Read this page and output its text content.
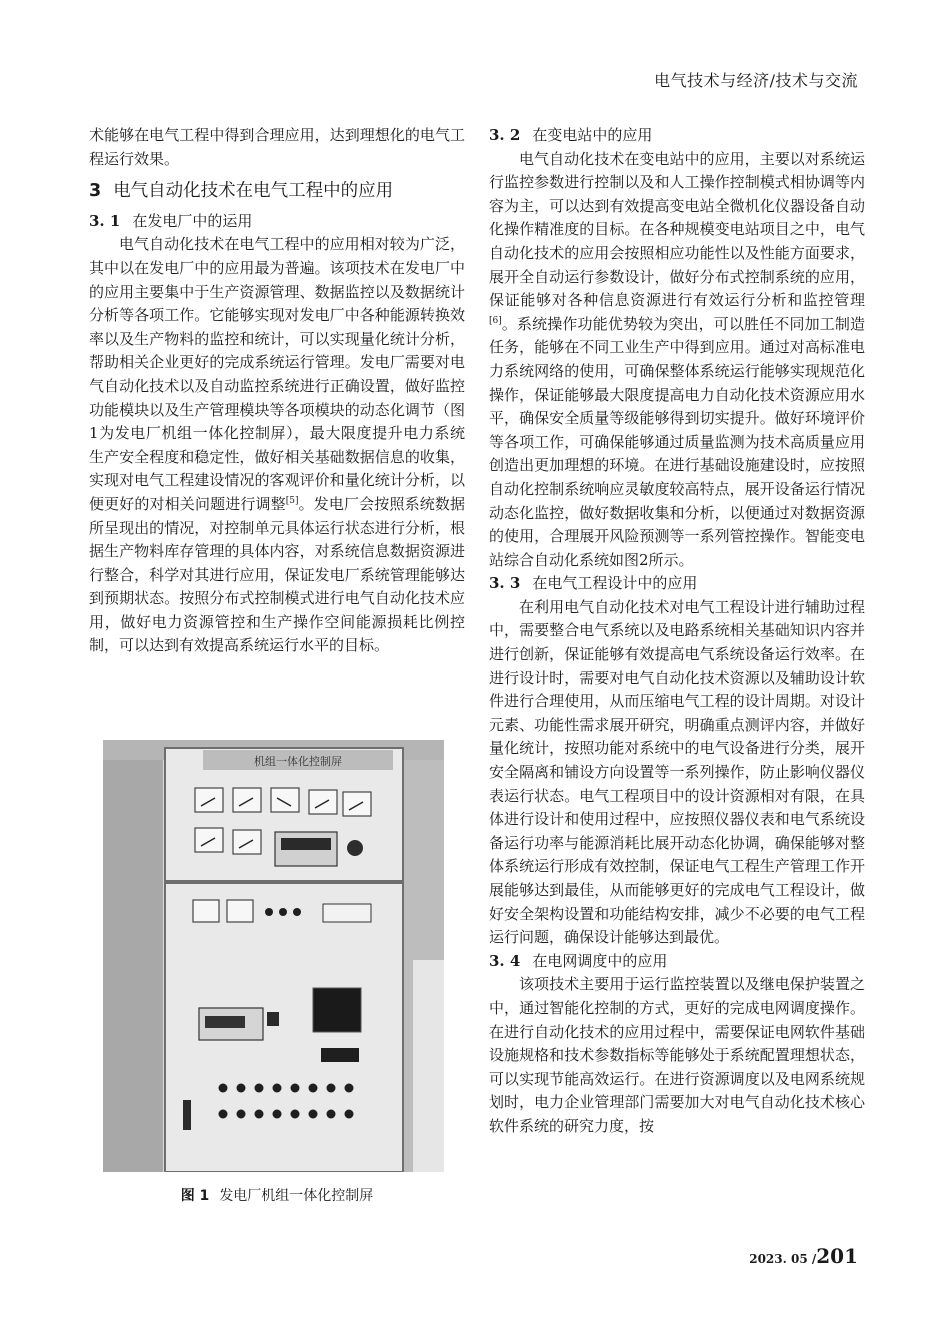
电气技术与经济/技术与交流

术能够在电气工程中得到合理应用，达到理想化的电气工程运行效果。

3 电气自动化技术在电气工程中的应用

3. 1 在发电厂中的运用

电气自动化技术在电气工程中的应用相对较为广泛，其中以在发电厂中的应用最为普遍。该项技术在发电厂中的应用主要集中于生产资源管理、数据监控以及数据统计分析等各项工作。它能够实现对发电厂中各种能源转换效率以及生产物料的监控和统计，可以实现量化统计分析，帮助相关企业更好的完成系统运行管理。发电厂需要对电气自动化技术以及自动监控系统进行正确设置，做好监控功能模块以及生产管理模块等各项模块的动态化调节（图1为发电厂机组一体化控制屏），最大限度提升电力系统生产安全程度和稳定性，做好相关基础数据信息的收集，实现对电气工程建设情况的客观评价和量化统计分析，以便更好的对相关问题进行调整[5]。发电厂会按照系统数据所呈现出的情况，对控制单元具体运行状态进行分析，根据生产物料库存管理的具体内容，对系统信息数据资源进行整合，科学对其进行应用，保证发电厂系统管理能够达到预期状态。按照分布式控制模式进行电气自动化技术应用，做好电力资源管控和生产操作空间能源损耗比例控制，可以达到有效提高系统运行水平的目标。

机组一体化控制屏
图 1 发电厂机组一体化控制屏

3. 2 在变电站中的应用

电气自动化技术在变电站中的应用，主要以对系统运行监控参数进行控制以及和人工操作控制模式相协调等内容为主，可以达到有效提高变电站全微机化仪器设备自动化操作精准度的目标。在各种规模变电站项目之中，电气自动化技术的应用会按照相应功能性以及性能方面要求，展开全自动运行参数设计，做好分布式控制系统的应用，保证能够对各种信息资源进行有效运行分析和监控管理[6]。系统操作功能优势较为突出，可以胜任不同加工制造任务，能够在不同工业生产中得到应用。通过对高标准电力系统网络的使用，可确保整体系统运行能够实现规范化操作，保证能够最大限度提高电力自动化技术资源应用水平，确保安全质量等级能够得到切实提升。做好环境评价等各项工作，可确保能够通过质量监测为技术高质量应用创造出更加理想的环境。在进行基础设施建设时，应按照自动化控制系统响应灵敏度较高特点，展开设备运行情况动态化监控，做好数据收集和分析，以便通过对数据资源的使用，合理展开风险预测等一系列管控操作。智能变电站综合自动化系统如图2所示。

3. 3 在电气工程设计中的应用

在利用电气自动化技术对电气工程设计进行辅助过程中，需要整合电气系统以及电路系统相关基础知识内容并进行创新，保证能够有效提高电气系统设备运行效率。在进行设计时，需要对电气自动化技术资源以及辅助设计软件进行合理使用，从而压缩电气工程的设计周期。对设计元素、功能性需求展开研究，明确重点测评内容，并做好量化统计，按照功能对系统中的电气设备进行分类，展开安全隔离和铺设方向设置等一系列操作，防止影响仪器仪表运行状态。电气工程项目中的设计资源相对有限，在具体进行设计和使用过程中，应按照仪器仪表和电气系统设备运行功率与能源消耗比展开动态化协调，确保能够对整体系统运行形成有效控制，保证电气工程生产管理工作开展能够达到最佳，从而能够更好的完成电气工程设计，做好安全架构设置和功能结构安排，减少不必要的电气工程运行问题，确保设计能够达到最优。

3. 4 在电网调度中的应用

该项技术主要用于运行监控装置以及继电保护装置之中，通过智能化控制的方式，更好的完成电网调度操作。在进行自动化技术的应用过程中，需要保证电网软件基础设施规格和技术参数指标等能够处于系统配置理想状态，可以实现节能高效运行。在进行资源调度以及电网系统规划时，电力企业管理部门需要加大对电气自动化技术核心软件系统的研究力度，按

2023. 05 /201
